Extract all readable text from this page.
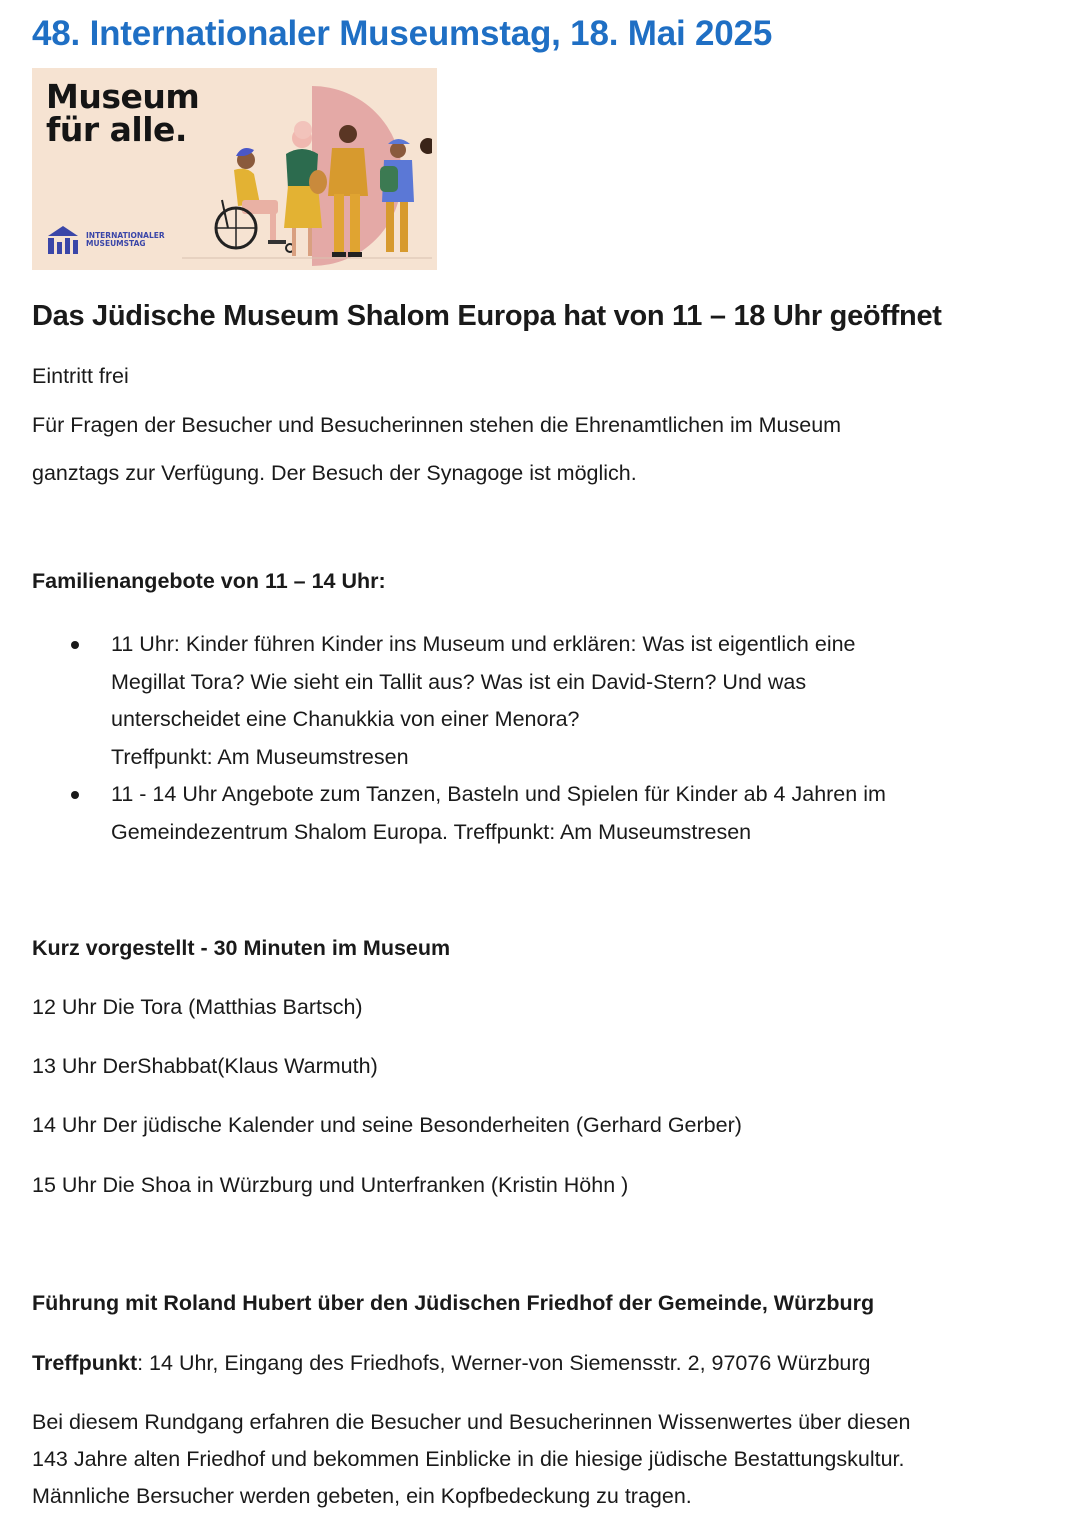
48. Internationaler Museumstag, 18. Mai 2025
Museum
für alle.
INTERNATIONALER
MUSEUMSTAG
Das Jüdische Museum Shalom Europa hat von 11 – 18 Uhr geöffnet

Eintritt frei

Für Fragen der Besucher und Besucherinnen stehen die Ehrenamtlichen im Museum

ganztags zur Verfügung. Der Besuch der Synagoge ist möglich.

Familienangebote von 11 – 14 Uhr:

11 Uhr: Kinder führen Kinder ins Museum und erklären: Was ist eigentlich eine
Megillat Tora? Wie sieht ein Tallit aus? Was ist ein David-Stern? Und was
unterscheidet eine Chanukkia von einer Menora?
Treffpunkt: Am Museumstresen
11 - 14 Uhr Angebote zum Tanzen, Basteln und Spielen für Kinder ab 4 Jahren im
Gemeindezentrum Shalom Europa. Treffpunkt: Am Museumstresen

Kurz vorgestellt - 30 Minuten im Museum

12 Uhr Die Tora (Matthias Bartsch)

13 Uhr DerShabbat(Klaus Warmuth)

14 Uhr Der jüdische Kalender und seine Besonderheiten (Gerhard Gerber)

15 Uhr Die Shoa in Würzburg und Unterfranken (Kristin Höhn )

Führung mit Roland Hubert über den Jüdischen Friedhof der Gemeinde, Würzburg

Treffpunkt: 14 Uhr, Eingang des Friedhofs, Werner-von Siemensstr. 2, 97076 Würzburg

Bei diesem Rundgang erfahren die Besucher und Besucherinnen Wissenwertes über diesen

143 Jahre alten Friedhof und bekommen Einblicke in die hiesige jüdische Bestattungskultur.

Männliche Bersucher werden gebeten, ein Kopfbedeckung zu tragen.
